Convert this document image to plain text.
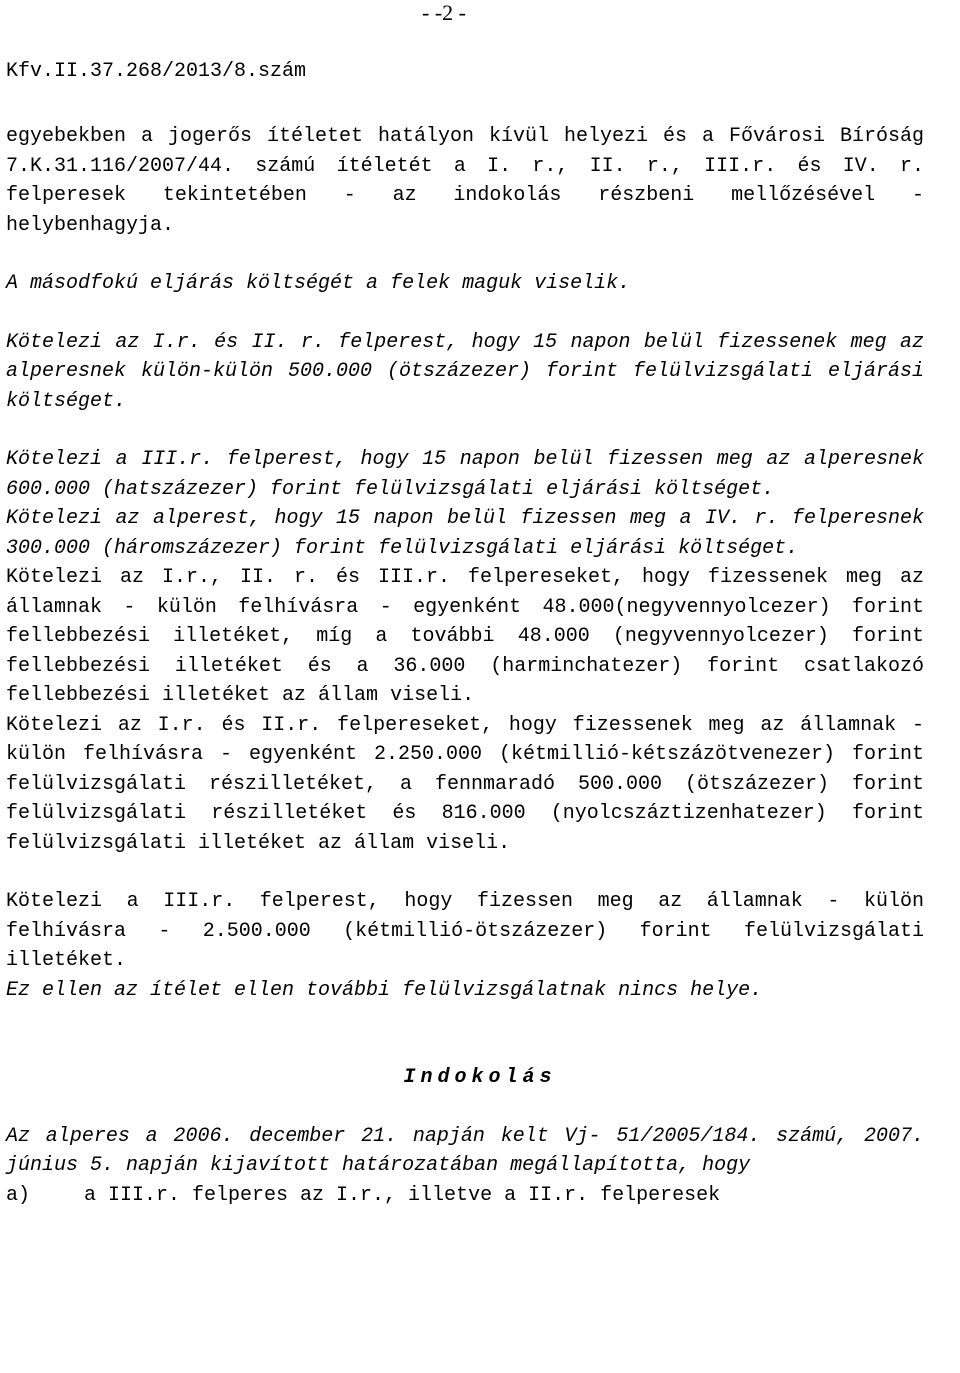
- -2 -
Kfv.II.37.268/2013/8.szám

egyebekben a jogerős ítéletet hatályon kívül helyezi és a Fővárosi Bíróság 7.K.31.116/2007/44. számú ítéletét a I. r., II. r., III.r. és IV. r. felperesek tekintetében - az indokolás részbeni mellőzésével - helybenhagyja.

A másodfokú eljárás költségét a felek maguk viselik.

Kötelezi az I.r. és II. r. felperest, hogy 15 napon belül fizessenek meg az alperesnek külön-külön 500.000 (ötszázezer) forint felülvizsgálati eljárási költséget.

Kötelezi a III.r. felperest, hogy 15 napon belül fizessen meg az alperesnek 600.000 (hatszázezer) forint felülvizsgálati eljárási költséget.

Kötelezi az alperest, hogy 15 napon belül fizessen meg a IV. r. felperesnek 300.000 (háromszázezer) forint felülvizsgálati eljárási költséget.

Kötelezi az I.r., II. r. és III.r. felpereseket, hogy fizessenek meg az államnak - külön felhívásra - egyenként 48.000(negyvennyolcezer) forint fellebbezési illetéket, míg a további 48.000 (negyvennyolcezer) forint fellebbezési illetéket és a 36.000 (harminchatezer) forint csatlakozó fellebbezési illetéket az állam viseli.

Kötelezi az I.r. és II.r. felpereseket, hogy fizessenek meg az államnak - külön felhívásra - egyenként 2.250.000 (kétmillió-kétszázötvenezer) forint felülvizsgálati részilletéket, a fennmaradó 500.000 (ötszázezer) forint felülvizsgálati részilletéket és 816.000 (nyolcszáztizenhatezer) forint felülvizsgálati illetéket az állam viseli.

Kötelezi a III.r. felperest, hogy fizessen meg az államnak - külön felhívásra - 2.500.000 (kétmillió-ötszázezer) forint felülvizsgálati illetéket.

Ez ellen az ítélet ellen további felülvizsgálatnak nincs helye.

Indokolás

Az alperes a 2006. december 21. napján kelt Vj- 51/2005/184. számú, 2007. június 5. napján kijavított határozatában megállapította, hogy

a)	a III.r. felperes az I.r., illetve a II.r. felperesek
